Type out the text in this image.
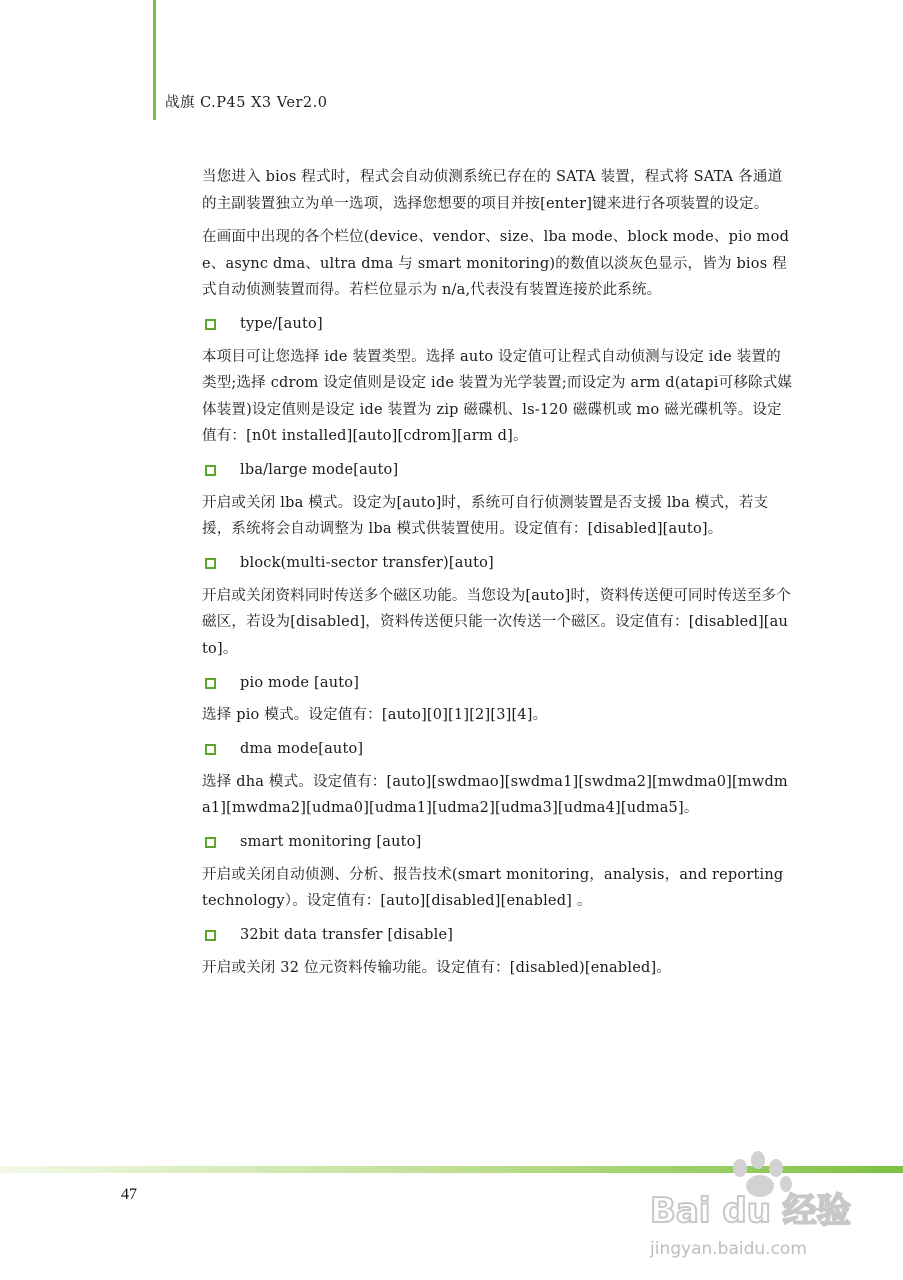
战旗 C.P45 X3 Ver2.0

当您进入 bios 程式时，程式会自动侦测系统已存在的 SATA 装置，程式将 SATA 各通道的主副装置独立为单一选项，选择您想要的项目并按[enter]键来进行各项装置的设定。

在画面中出现的各个栏位(device、vendor、size、lba mode、block mode、pio mode、async dma、ultra dma 与 smart monitoring)的数值以淡灰色显示，皆为 bios 程式自动侦测装置而得。若栏位显示为 n/a,代表没有装置连接於此系统。

type/[auto]

本项目可让您选择 ide 装置类型。选择 auto 设定值可让程式自动侦测与设定 ide 装置的类型;选择 cdrom 设定值则是设定 ide 装置为光学装置;而设定为 arm d(atapi可移除式媒体装置)设定值则是设定 ide 装置为 zip 磁碟机、ls-120 磁碟机或 mo 磁光碟机等。设定值有：[n0t installed][auto][cdrom][arm d]。

lba/large mode[auto]

开启或关闭 lba 模式。设定为[auto]时，系统可自行侦测装置是否支援 lba 模式，若支援，系统将会自动调整为 lba 模式供装置使用。设定值有：[disabled][auto]。

block(multi-sector transfer)[auto]

开启或关闭资料同时传送多个磁区功能。当您设为[auto]时，资料传送便可同时传送至多个磁区，若设为[disabled]，资料传送便只能一次传送一个磁区。设定值有：[disabled][auto]。

pio mode [auto]

选择 pio 模式。设定值有：[auto][0][1][2][3][4]。

dma mode[auto]

选择 dha 模式。设定值有：[auto][swdmao][swdma1][swdma2][mwdma0][mwdma1][mwdma2][udma0][udma1][udma2][udma3][udma4][udma5]。

smart monitoring [auto]

开启或关闭自动侦测、分析、报告技术(smart monitoring，analysis，and reporting technology）。设定值有：[auto][disabled][enabled] 。

32bit data transfer [disable]

开启或关闭 32 位元资料传输功能。设定值有：[disabled)[enabled]。

47	Bai du 经验
jingyan.baidu.com
